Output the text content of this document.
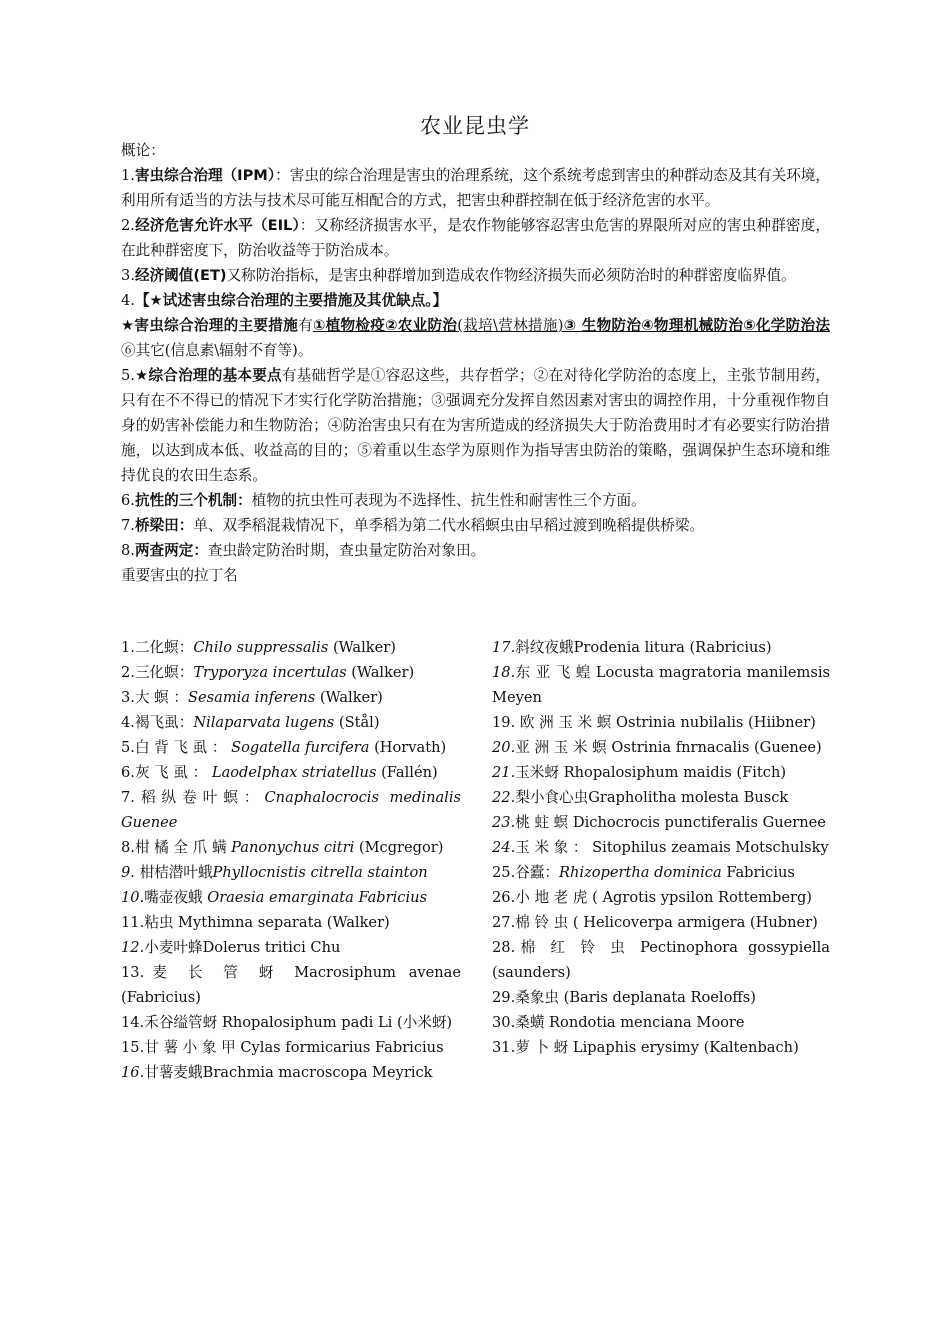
农业昆虫学

概论：

1.害虫综合治理（IPM）：害虫的综合治理是害虫的治理系统，这个系统考虑到害虫的种群动态及其有关环境，利用所有适当的方法与技术尽可能互相配合的方式，把害虫种群控制在低于经济危害的水平。

2.经济危害允许水平（EIL）：又称经济损害水平，是农作物能够容忍害虫危害的界限所对应的害虫种群密度，在此种群密度下，防治收益等于防治成本。

3.经济阈值(ET)又称防治指标，是害虫种群增加到造成农作物经济损失而必须防治时的种群密度临界值。

4.【★试述害虫综合治理的主要措施及其优缺点。】

★害虫综合治理的主要措施有①植物检疫②农业防治(栽培\营林措施)③ 生物防治④物理机械防治⑤化学防治法⑥其它(信息素\辐射不育等)。

5.★综合治理的基本要点有基础哲学是①容忍这些，共存哲学；②在对待化学防治的态度上，主张节制用药，只有在不不得已的情况下才实行化学防治措施；③强调充分发挥自然因素对害虫的调控作用，十分重视作物自身的奶害补偿能力和生物防治；④防治害虫只有在为害所造成的经济损失大于防治费用时才有必要实行防治措施，以达到成本低、收益高的目的；⑤着重以生态学为原则作为指导害虫防治的策略，强调保护生态环境和维持优良的农田生态系。

6.抗性的三个机制：植物的抗虫性可表现为不选择性、抗生性和耐害性三个方面。

7.桥梁田：单、双季稻混栽情况下，单季稻为第二代水稻螟虫由早稻过渡到晚稻提供桥梁。

8.两查两定：查虫龄定防治时期，查虫量定防治对象田。

重要害虫的拉丁名

1.二化螟：Chilo suppressalis (Walker)

2.三化螟：Tryporyza incertulas (Walker)

3.大 螟 ：Sesamia inferens (Walker)

4.褐飞虱：Nilaparvata lugens (Stål)

5.白 背 飞 虱 ： Sogatella furcifera (Horvath)

6.灰 飞 虱 ： Laodelphax striatellus (Fallén)

7.稻纵卷叶螟：Cnaphalocrocis medinalis Guenee

8.柑 橘 全 爪 螨 Panonychus citri (Mcgregor)

9. 柑桔潜叶蛾Phyllocnistis citrella stainton

10.嘴壶夜蛾 Oraesia emarginata Fabricius

11.粘虫 Mythimna separata (Walker)

12.小麦叶蜂Dolerus tritici Chu

13.麦 长 管 蚜 Macrosiphum avenae (Fabricius)

14.禾谷缢管蚜 Rhopalosiphum padi Li (小米蚜)

15.甘 薯 小 象 甲 Cylas formicarius Fabricius

16.甘薯麦蛾Brachmia macroscopa Meyrick

17.斜纹夜蛾Prodenia litura (Rabricius)

18.东 亚 飞 蝗 Locusta magratoria manilemsis Meyen

19. 欧 洲 玉 米 螟 Ostrinia nubilalis (Hiibner)

20.亚 洲 玉 米 螟 Ostrinia fnrnacalis (Guenee)

21.玉米蚜 Rhopalosiphum maidis (Fitch)

22.梨小食心虫Grapholitha molesta Busck

23.桃 蛀 螟 Dichocrocis punctiferalis Guernee

24.玉 米 象 ： Sitophilus zeamais Motschulsky

25.谷蠹：Rhizopertha dominica Fabricius

26.小 地 老 虎 ( Agrotis ypsilon Rottemberg)

27.棉 铃 虫 ( Helicoverpa armigera (Hubner)

28.棉 红 铃 虫 Pectinophora gossypiella (saunders)

29.桑象虫 (Baris deplanata Roeloffs)

30.桑蟥 Rondotia menciana Moore

31.萝 卜 蚜 Lipaphis erysimy (Kaltenbach)
